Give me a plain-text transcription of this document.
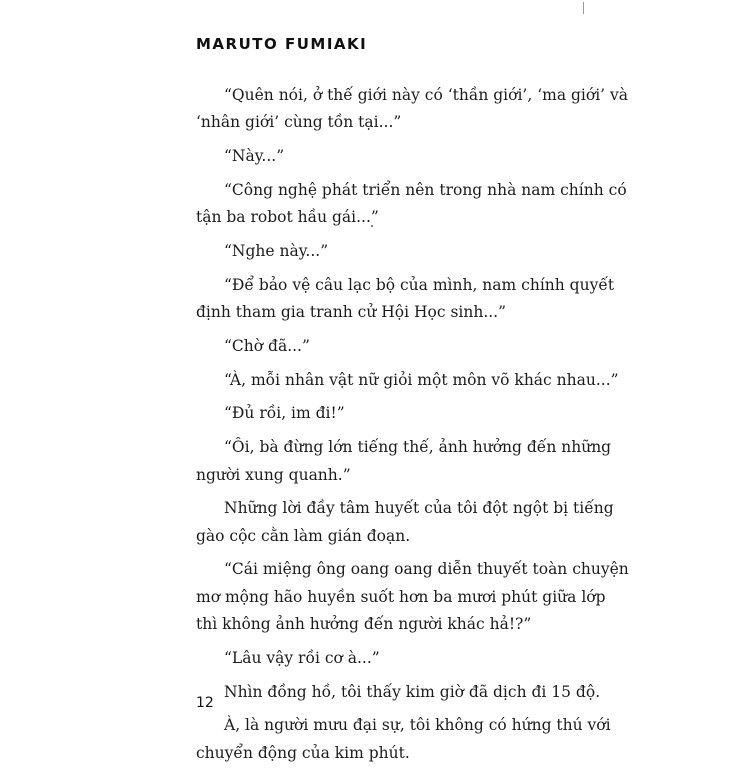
MARUTO FUMIAKI
“Quên nói, ở thế giới này có ‘thần giới’, ‘ma giới’ và
‘nhân giới’ cùng tồn tại...”
“Này...”
“Công nghệ phát triển nên trong nhà nam chính có
tận ba robot hầu gái...”
“Nghe này...”
“Để bảo vệ câu lạc bộ của mình, nam chính quyết
định tham gia tranh cử Hội Học sinh...”
“Chờ đã...”
“À, mỗi nhân vật nữ giỏi một môn võ khác nhau...”
“Đủ rồi, im đi!”
“Ôi, bà đừng lớn tiếng thế, ảnh hưởng đến những
người xung quanh.”
Những lời đầy tâm huyết của tôi đột ngột bị tiếng
gào cộc cằn làm gián đoạn.
“Cái miệng ông oang oang diễn thuyết toàn chuyện
mơ mộng hão huyền suốt hơn ba mươi phút giữa lớp
thì không ảnh hưởng đến người khác hả!?”
“Lâu vậy rồi cơ à...”
Nhìn đồng hồ, tôi thấy kim giờ đã dịch đi 15 độ.
À, là người mưu đại sự, tôi không có hứng thú với
chuyển động của kim phút.
12
